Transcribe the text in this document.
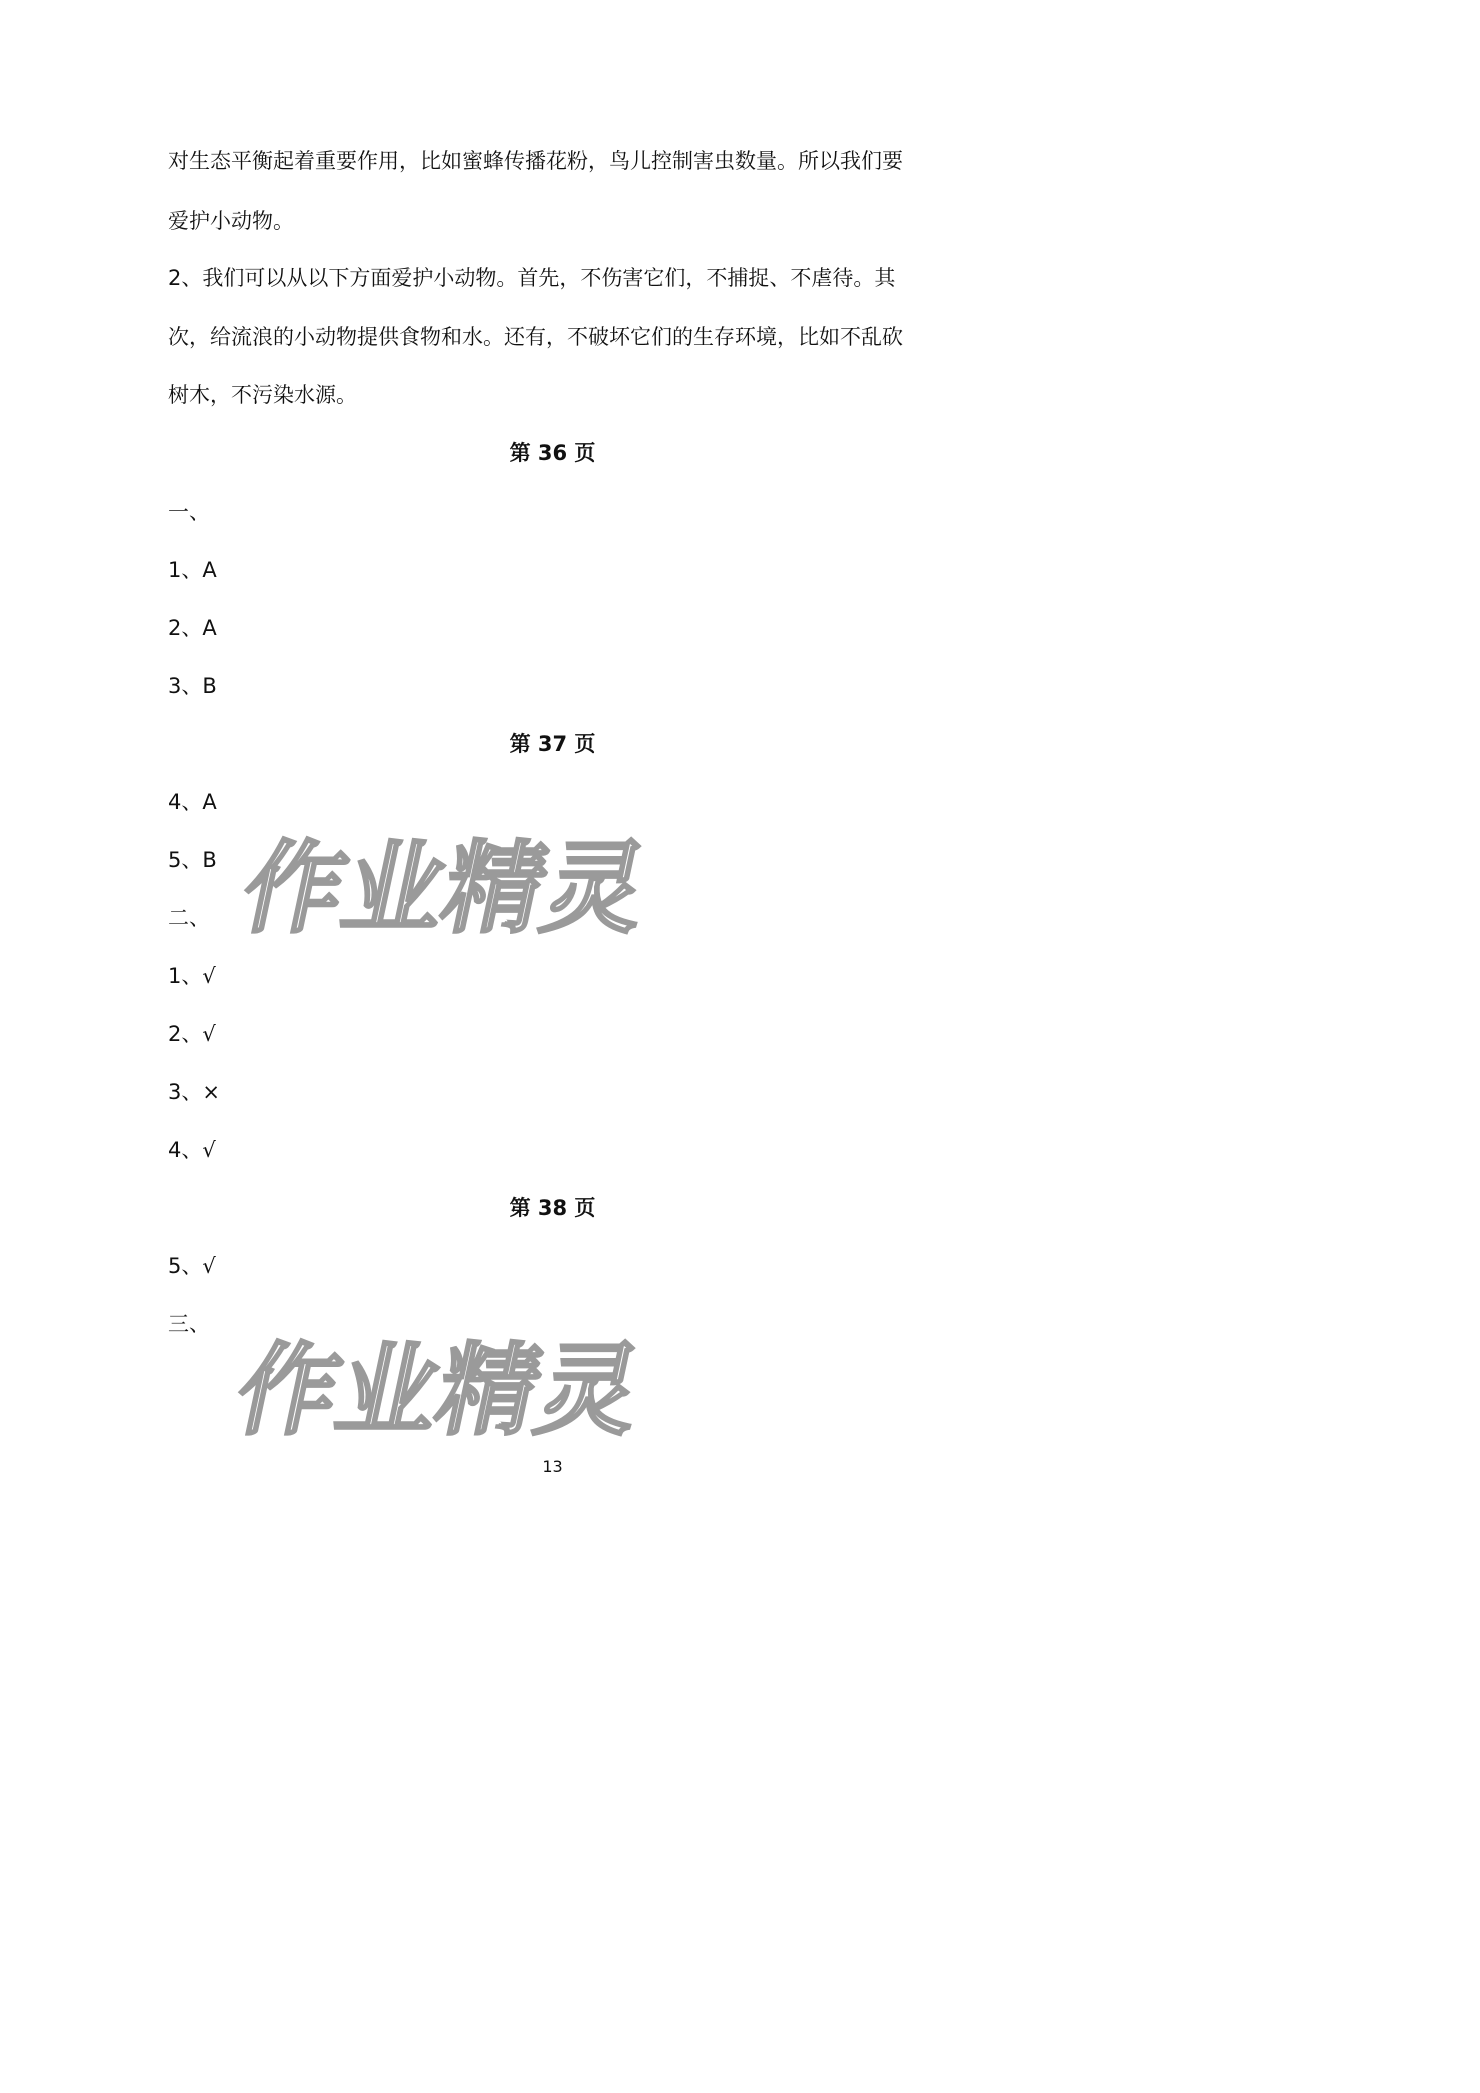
对生态平衡起着重要作用，比如蜜蜂传播花粉，鸟儿控制害虫数量。所以我们要
爱护小动物。
2、我们可以从以下方面爱护小动物。首先，不伤害它们，不捕捉、不虐待。其
次，给流浪的小动物提供食物和水。还有，不破坏它们的生存环境，比如不乱砍
树木，不污染水源。
第 36 页
一、
1、A
2、A
3、B
第 37 页
4、A
5、B
二、
1、√
2、√
3、×
4、√
第 38 页
5、√
三、
作业精灵
作业精灵
13
